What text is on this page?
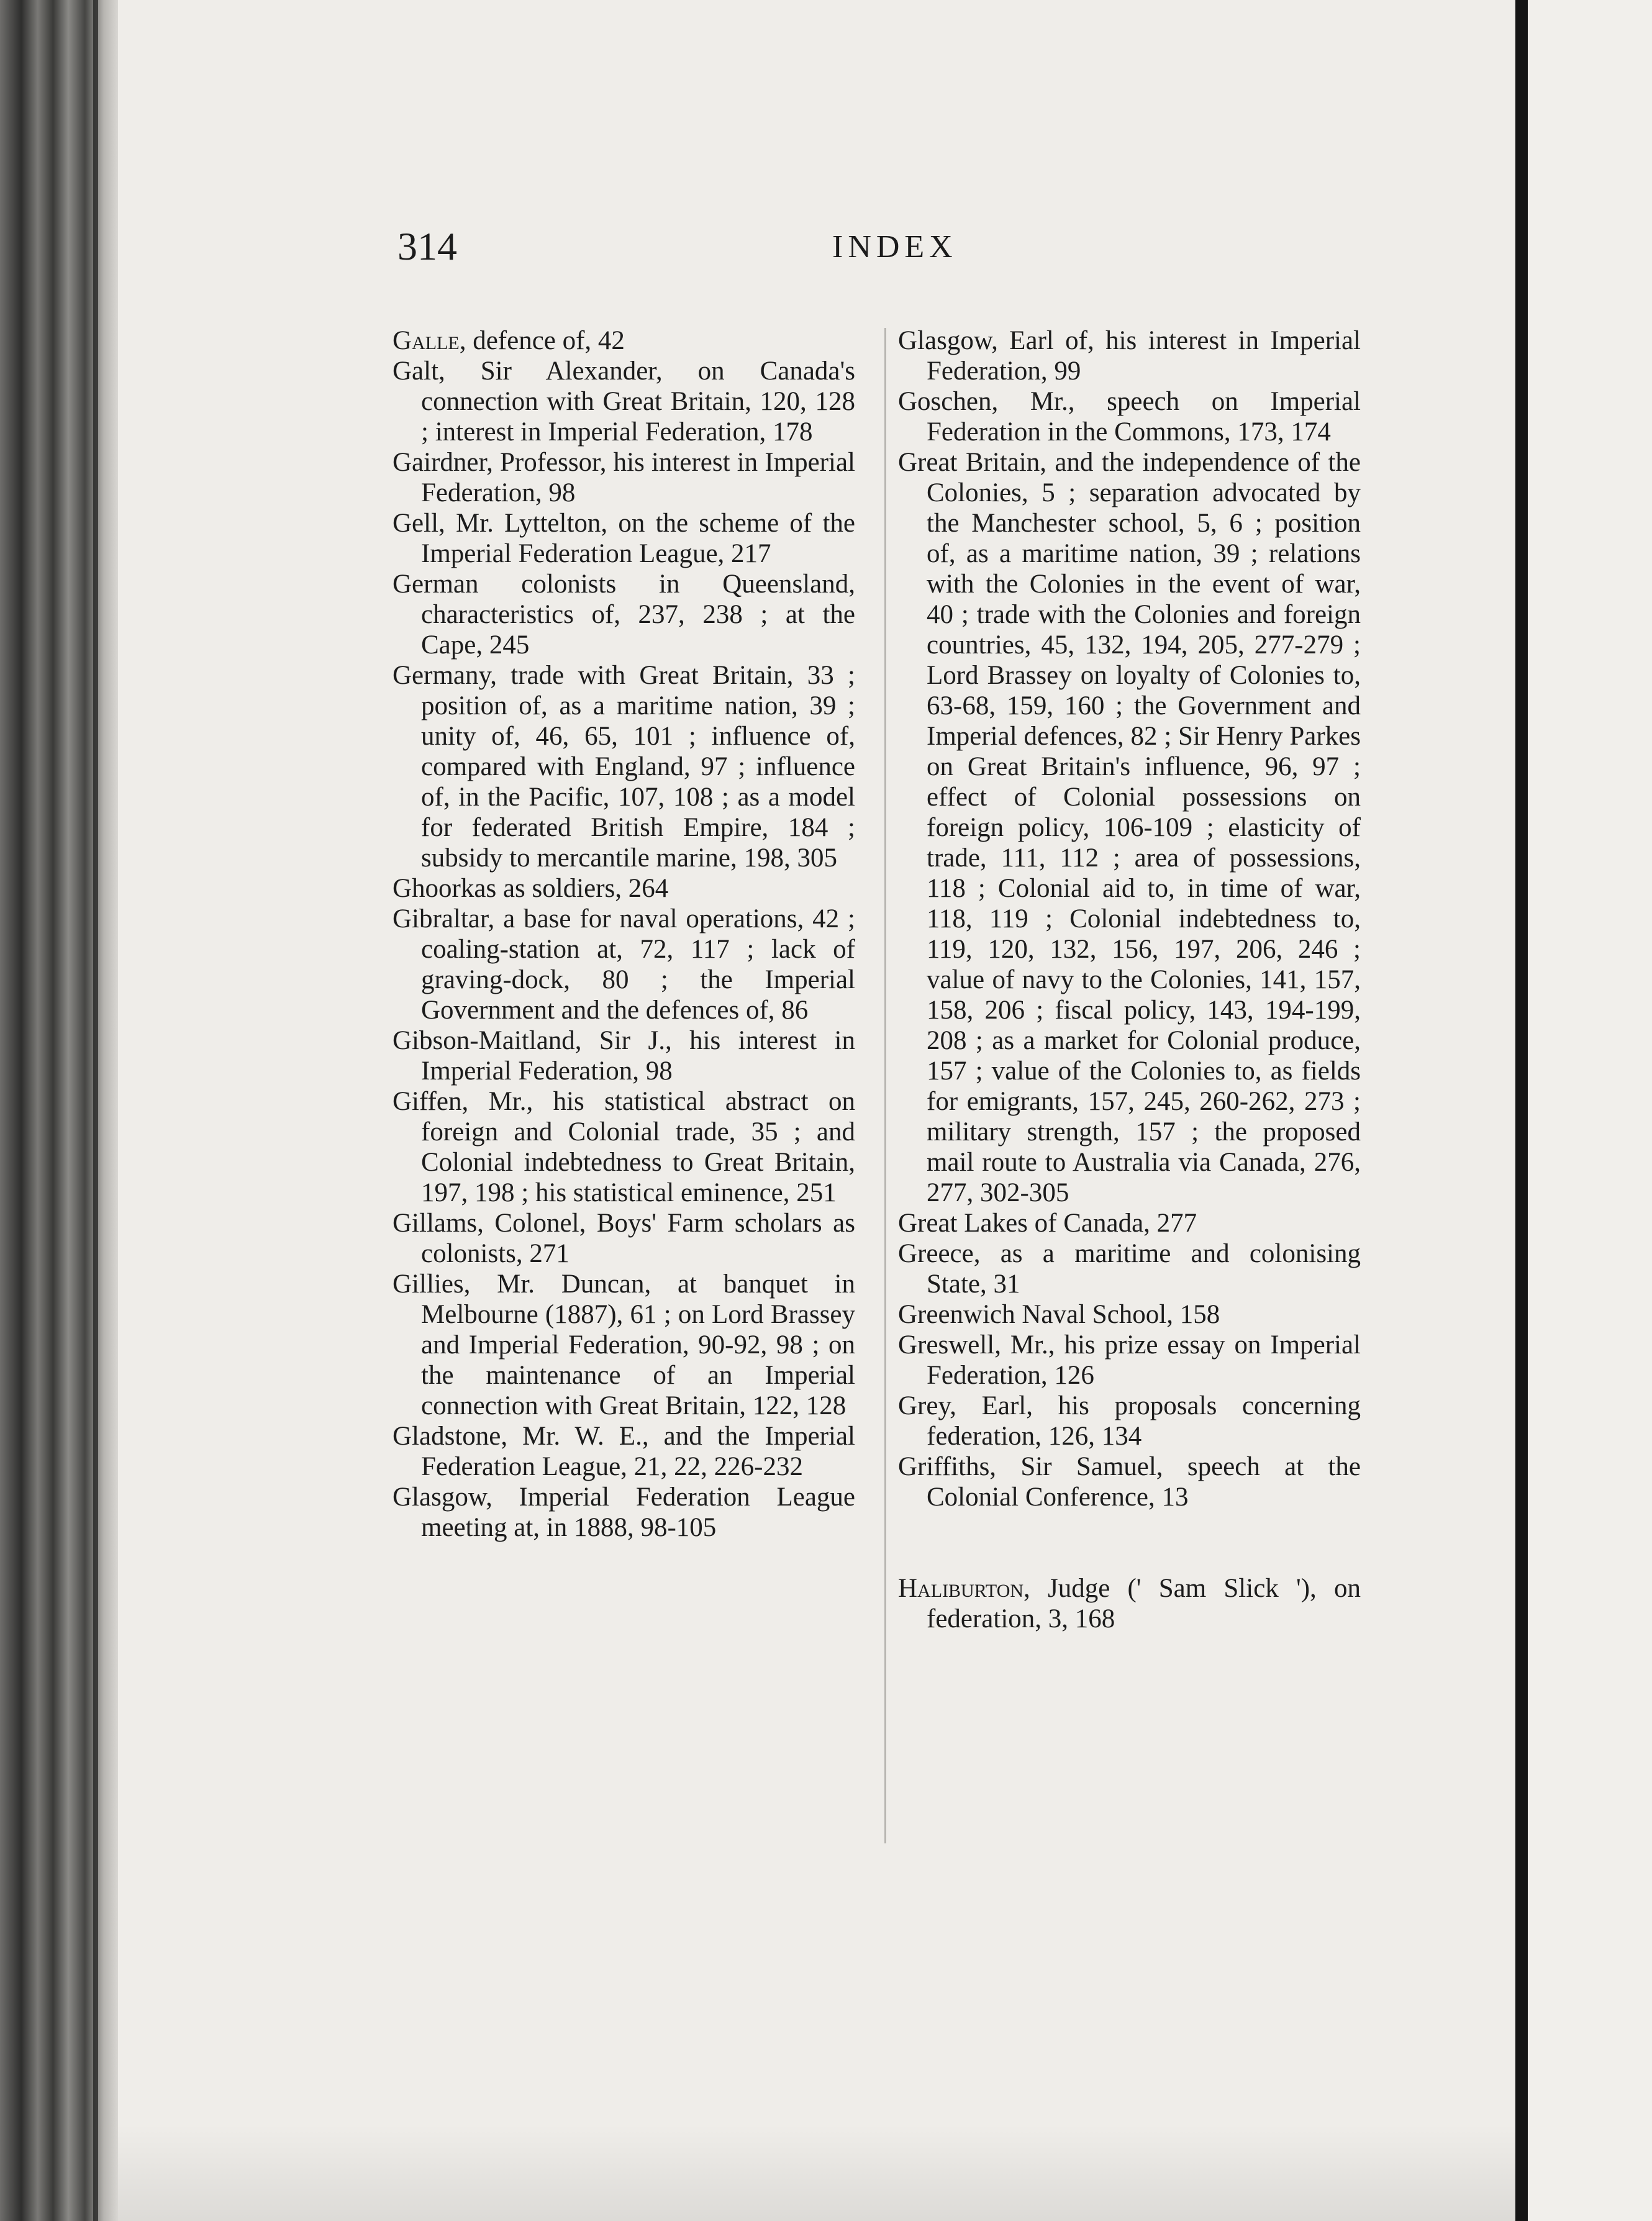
314	INDEX

Galle, defence of, 42

Galt, Sir Alexander, on Canada's connection with Great Britain, 120, 128 ; interest in Imperial Federation, 178

Gairdner, Professor, his interest in Imperial Federation, 98

Gell, Mr. Lyttelton, on the scheme of the Imperial Federation League, 217

German colonists in Queensland, characteristics of, 237, 238 ; at the Cape, 245

Germany, trade with Great Britain, 33 ; position of, as a maritime nation, 39 ; unity of, 46, 65, 101 ; influence of, compared with England, 97 ; influence of, in the Pacific, 107, 108 ; as a model for federated British Empire, 184 ; subsidy to mercantile marine, 198, 305

Ghoorkas as soldiers, 264

Gibraltar, a base for naval operations, 42 ; coaling-station at, 72, 117 ; lack of graving-dock, 80 ; the Imperial Government and the defences of, 86

Gibson-Maitland, Sir J., his interest in Imperial Federation, 98

Giffen, Mr., his statistical abstract on foreign and Colonial trade, 35 ; and Colonial indebtedness to Great Britain, 197, 198 ; his statistical eminence, 251

Gillams, Colonel, Boys' Farm scholars as colonists, 271

Gillies, Mr. Duncan, at banquet in Melbourne (1887), 61 ; on Lord Brassey and Imperial Federation, 90-92, 98 ; on the maintenance of an Imperial connection with Great Britain, 122, 128

Gladstone, Mr. W. E., and the Imperial Federation League, 21, 22, 226-232

Glasgow, Imperial Federation League meeting at, in 1888, 98-105

Glasgow, Earl of, his interest in Imperial Federation, 99

Goschen, Mr., speech on Imperial Federation in the Commons, 173, 174

Great Britain, and the independence of the Colonies, 5 ; separation advocated by the Manchester school, 5, 6 ; position of, as a maritime nation, 39 ; relations with the Colonies in the event of war, 40 ; trade with the Colonies and foreign countries, 45, 132, 194, 205, 277-279 ; Lord Brassey on loyalty of Colonies to, 63-68, 159, 160 ; the Government and Imperial defences, 82 ; Sir Henry Parkes on Great Britain's influence, 96, 97 ; effect of Colonial possessions on foreign policy, 106-109 ; elasticity of trade, 111, 112 ; area of possessions, 118 ; Colonial aid to, in time of war, 118, 119 ; Colonial indebtedness to, 119, 120, 132, 156, 197, 206, 246 ; value of navy to the Colonies, 141, 157, 158, 206 ; fiscal policy, 143, 194-199, 208 ; as a market for Colonial produce, 157 ; value of the Colonies to, as fields for emigrants, 157, 245, 260-262, 273 ; military strength, 157 ; the proposed mail route to Australia via Canada, 276, 277, 302-305

Great Lakes of Canada, 277

Greece, as a maritime and colonising State, 31

Greenwich Naval School, 158

Greswell, Mr., his prize essay on Imperial Federation, 126

Grey, Earl, his proposals concerning federation, 126, 134

Griffiths, Sir Samuel, speech at the Colonial Conference, 13

Haliburton, Judge (' Sam Slick '), on federation, 3, 168
